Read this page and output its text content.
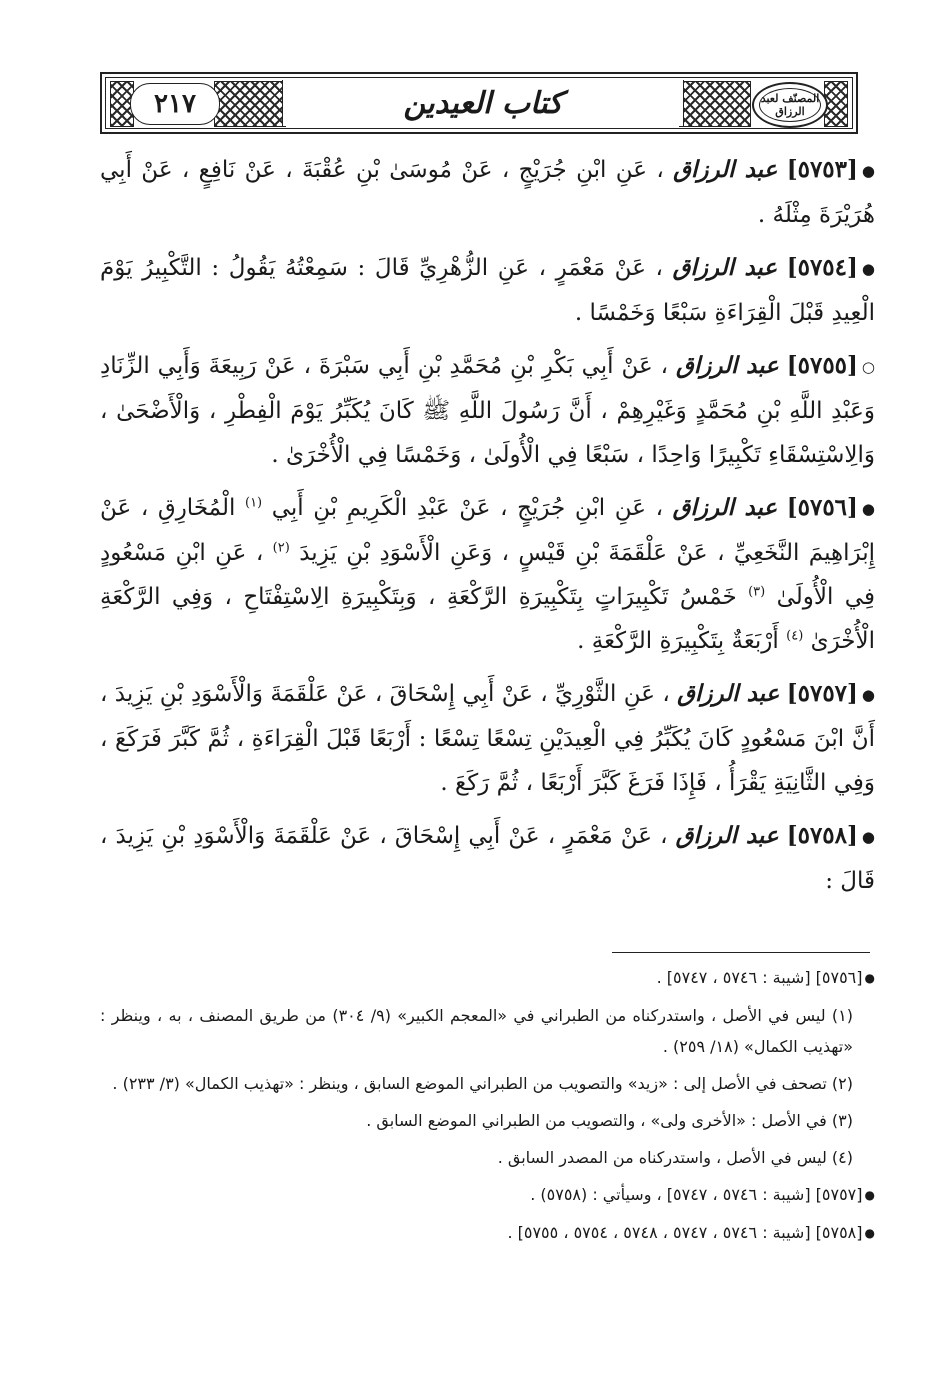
٢١٧	كتاب العيدين	المصنّف لعبد الرزاق

●[٥٧٥٣] عبد الرزاق ، عَنِ ابْنِ جُرَيْجٍ ، عَنْ مُوسَىٰ بْنِ عُقْبَةَ ، عَنْ نَافِعٍ ، عَنْ أَبِي هُرَيْرَةَ مِثْلَهُ .

●[٥٧٥٤] عبد الرزاق ، عَنْ مَعْمَرٍ ، عَنِ الزُّهْرِيِّ قَالَ : سَمِعْتُهُ يَقُولُ : التَّكْبِيرُ يَوْمَ الْعِيدِ قَبْلَ الْقِرَاءَةِ سَبْعًا وَخَمْسًا .

○[٥٧٥٥] عبد الرزاق ، عَنْ أَبِي بَكْرِ بْنِ مُحَمَّدِ بْنِ أَبِي سَبْرَةَ ، عَنْ رَبِيعَةَ وَأَبِي الزِّنَادِ وَعَبْدِ اللَّهِ بْنِ مُحَمَّدٍ وَغَيْرِهِمْ ، أَنَّ رَسُولَ اللَّهِ ﷺ كَانَ يُكَبِّرُ يَوْمَ الْفِطْرِ ، وَالْأَضْحَىٰ ، وَالِاسْتِسْقَاءِ تَكْبِيرًا وَاحِدًا ، سَبْعًا فِي الْأُولَىٰ ، وَخَمْسًا فِي الْأُخْرَىٰ .

●[٥٧٥٦] عبد الرزاق ، عَنِ ابْنِ جُرَيْجٍ ، عَنْ عَبْدِ الْكَرِيمِ بْنِ أَبِي $^{(١)}$ الْمُخَارِقِ ، عَنْ إِبْرَاهِيمَ النَّخَعِيِّ ، عَنْ عَلْقَمَةَ بْنِ قَيْسٍ ، وَعَنِ الْأَسْوَدِ بْنِ يَزِيدَ $^{(٢)}$ ، عَنِ ابْنِ مَسْعُودٍ فِي الْأُولَىٰ $^{(٣)}$ خَمْسُ تَكْبِيرَاتٍ بِتَكْبِيرَةِ الرَّكْعَةِ ، وَبِتَكْبِيرَةِ الِاسْتِفْتَاحِ ، وَفِي الرَّكْعَةِ الْأُخْرَىٰ $^{(٤)}$ أَرْبَعَةٌ بِتَكْبِيرَةِ الرَّكْعَةِ .

●[٥٧٥٧] عبد الرزاق ، عَنِ الثَّوْرِيِّ ، عَنْ أَبِي إِسْحَاقَ ، عَنْ عَلْقَمَةَ وَالْأَسْوَدِ بْنِ يَزِيدَ ، أَنَّ ابْنَ مَسْعُودٍ كَانَ يُكَبِّرُ فِي الْعِيدَيْنِ تِسْعًا تِسْعًا : أَرْبَعًا قَبْلَ الْقِرَاءَةِ ، ثُمَّ كَبَّرَ فَرَكَعَ ، وَفِي الثَّانِيَةِ يَقْرَأُ ، فَإِذَا فَرَغَ كَبَّرَ أَرْبَعًا ، ثُمَّ رَكَعَ .

●[٥٧٥٨] عبد الرزاق ، عَنْ مَعْمَرٍ ، عَنْ أَبِي إِسْحَاقَ ، عَنْ عَلْقَمَةَ وَالْأَسْوَدِ بْنِ يَزِيدَ ، قَالَ :

●[٥٧٥٦] [شيبة : ٥٧٤٦ ، ٥٧٤٧] .

(١) ليس في الأصل ، واستدركناه من الطبراني في «المعجم الكبير» (٩/ ٣٠٤) من طريق المصنف ، به ، وينظر : «تهذيب الكمال» (١٨/ ٢٥٩) .

(٢) تصحف في الأصل إلى : «زيد» والتصويب من الطبراني الموضع السابق ، وينظر : «تهذيب الكمال» (٣/ ٢٣٣) .

(٣) في الأصل : «الأخرى ولى» ، والتصويب من الطبراني الموضع السابق .

(٤) ليس في الأصل ، واستدركناه من المصدر السابق .

●[٥٧٥٧] [شيبة : ٥٧٤٦ ، ٥٧٤٧] ، وسيأتي : (٥٧٥٨) .

●[٥٧٥٨] [شيبة : ٥٧٤٦ ، ٥٧٤٧ ، ٥٧٤٨ ، ٥٧٥٤ ، ٥٧٥٥] .
